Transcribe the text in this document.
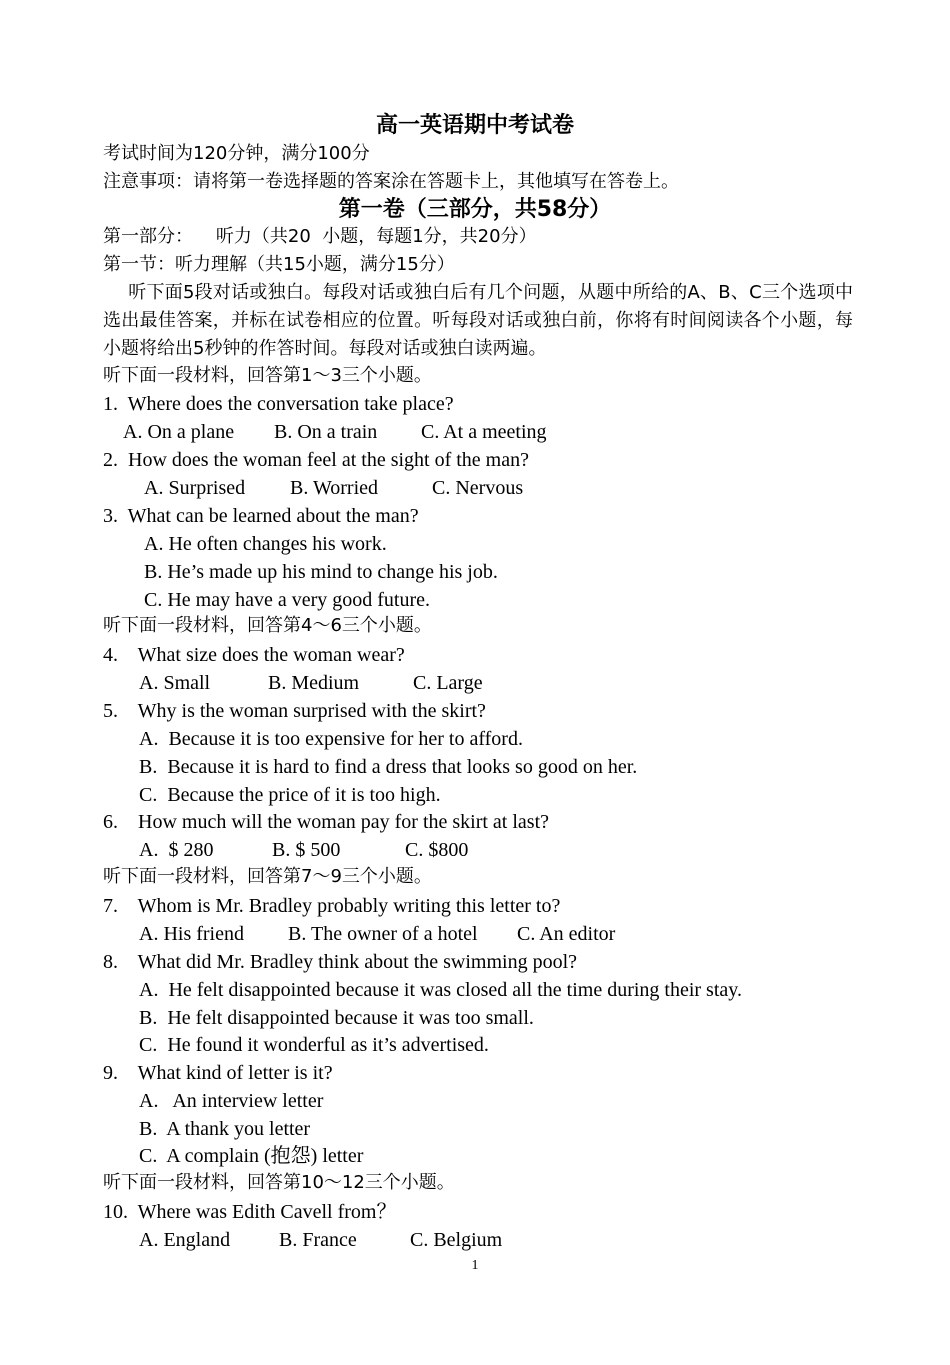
高一英语期中考试卷
考试时间为120分钟，满分100分
注意事项：请将第一卷选择题的答案涂在答题卡上，其他填写在答卷上。
第一卷（三部分，共58分）
第一部分：    听力（共20  小题，每题1分，共20分）
第一节：听力理解（共15小题，满分15分）
听下面5段对话或独白。每段对话或独白后有几个问题，从题中所给的A、B、C三个选项中选出最佳答案，并标在试卷相应的位置。听每段对话或独白前，你将有时间阅读各个小题，每小题将给出5秒钟的作答时间。每段对话或独白读两遍。
听下面一段材料，回答第1～3三个小题。
1.  Where does the conversation take place?
A. On a plane B. On a train C. At a meeting
2.  How does the woman feel at the sight of the man?
A. Surprised B. Worried	C. Nervous
3.  What can be learned about the man?
A. He often changes his work.
B. He’s made up his mind to change his job.
C. He may have a very good future.
听下面一段材料，回答第4～6三个小题。
4.    What size does the woman wear?
A. Small	B. Medium	C. Large
5.    Why is the woman surprised with the skirt?
A.  Because it is too expensive for her to afford.
B.  Because it is hard to find a dress that looks so good on her.
C.  Because the price of it is too high.
6.    How much will the woman pay for the skirt at last?
A.  $ 280	B. $ 500	C. $800
听下面一段材料，回答第7～9三个小题。
7.    Whom is Mr. Bradley probably writing this letter to?
A. His friend B. The owner of a hotel C. An editor
8.    What did Mr. Bradley think about the swimming pool?
A.  He felt disappointed because it was closed all the time during their stay.
B.  He felt disappointed because it was too small.
C.  He found it wonderful as it’s advertised.
9.    What kind of letter is it?
A.   An interview letter
B.  A thank you letter
C.  A complain (抱怨) letter
听下面一段材料，回答第10～12三个小题。
10.  Where was Edith Cavell from？
A. England B. France	C. Belgium
1
